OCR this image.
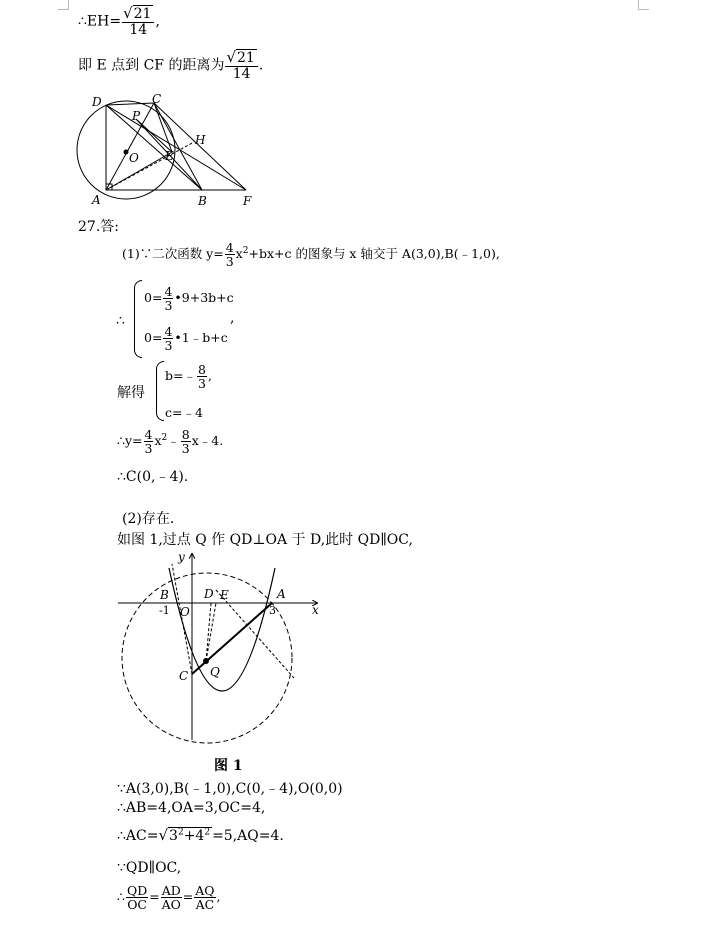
∴EH= $\frac{√21}{14}$ ,
即 E 点到 CF 的距离为 $\frac{√21}{14}$ .
D	C
P
H
O E
A	B	F
27.答:
(1)∵二次函数 $y= \frac{4}{3} x^2+bx+c$ 的图象与 x 轴交于 A(3,0),B(﹣1,0),
∴
$0= \frac{4}{3}$ •9+3b+c
$0= \frac{4}{3}$ •1﹣b+c
,
解得
b=﹣ $\frac{8}{3}$ ,
c=﹣4
∴y= $\frac{4}{3}$ $x^2﹣ \frac{8}{3}$ x﹣4.
∴C(0,﹣4).
(2)存在.
如图 1,过点 Q 作 QD⊥OA 于 D,此时 QD∥OC,
y
x
B	D E	A
O
C Q
-1	3
图 1
∵A(3,0),B(﹣1,0),C(0,﹣4),O(0,0)
∴AB=4,OA=3,OC=4,
$\therefore AC=√3^2+4^2 =5,AQ=4$.
∵QD∥OC,
∴ $\frac{QD}{OC} = \frac{AD}{AO} = \frac{AQ}{AC}$ ,
